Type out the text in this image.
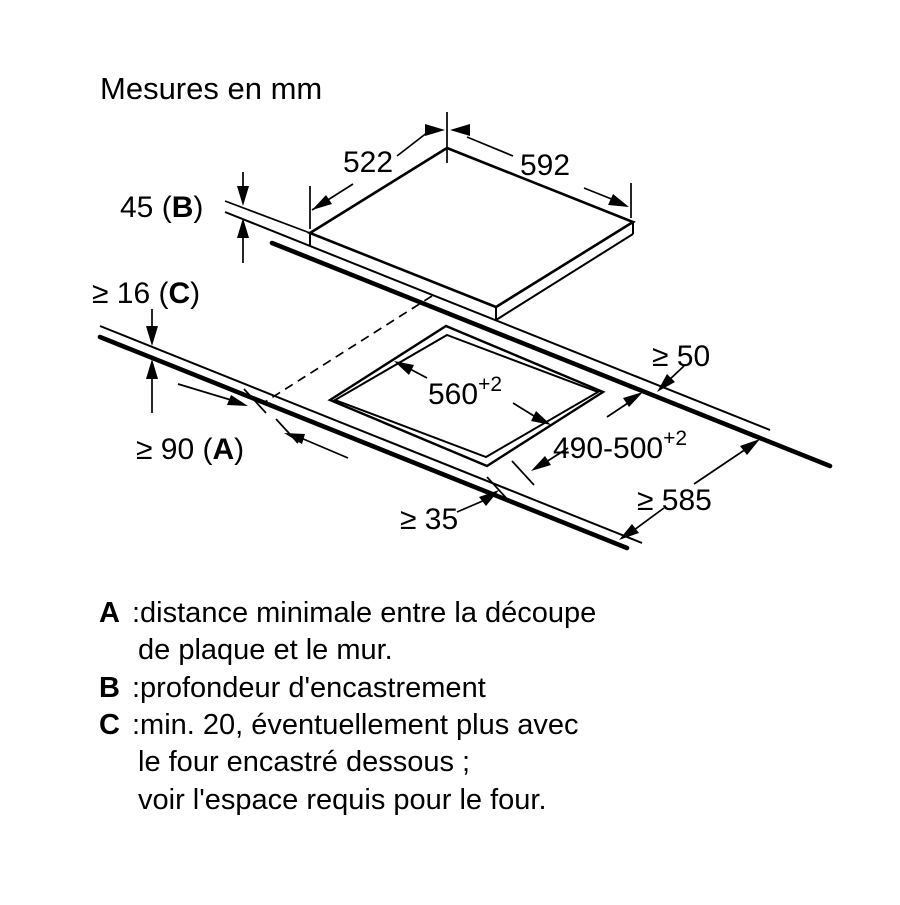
522	592
45 (B)
≥ 16 (C)
≥ 90 (A)
≥ 35
≥ 50
≥ 585
$560^{+2}$
$490-500^{+2}$
Mesures en mm
A :distance minimale entre la découpe
de plaque et le mur.
B :profondeur d'encastrement
C :min. 20, éventuellement plus avec
le four encastré dessous ;
voir l'espace requis pour le four.
